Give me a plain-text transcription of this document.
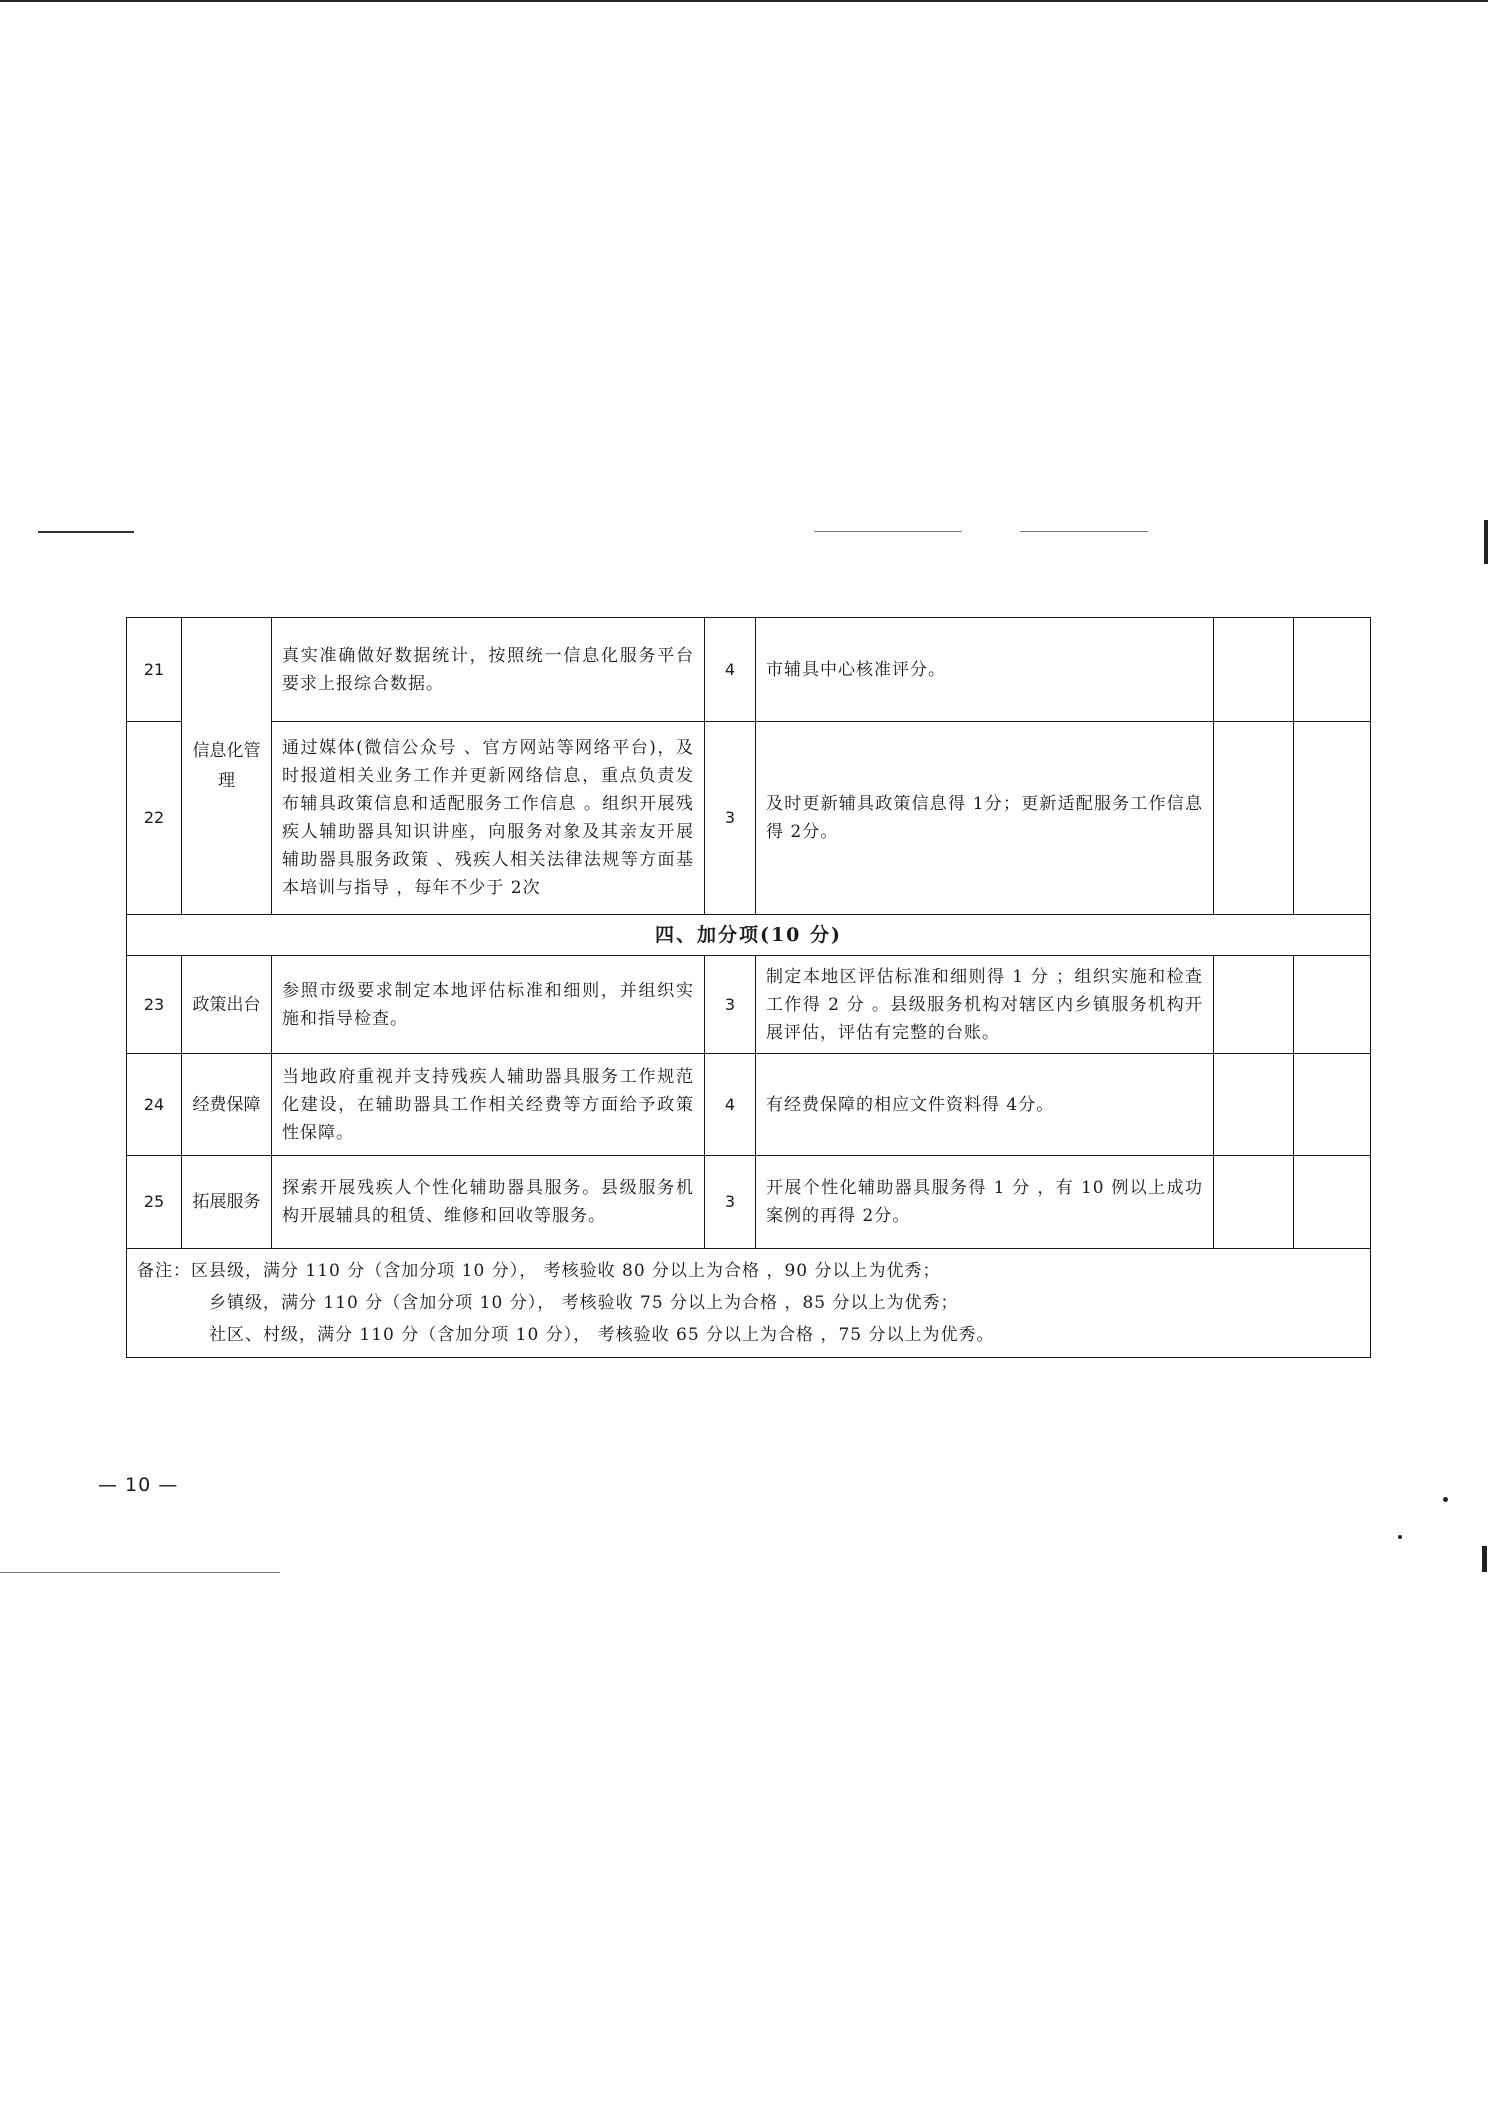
21	信息化管理	真实准确做好数据统计，按照统一信息化服务平台要求上报综合数据。	4	市辅具中心核准评分。		
22		通过媒体(微信公众号 、官方网站等网络平台)，及时报道相关业务工作并更新网络信息，重点负责发布辅具政策信息和适配服务工作信息 。组织开展残疾人辅助器具知识讲座，向服务对象及其亲友开展辅助器具服务政策 、残疾人相关法律法规等方面基本培训与指导 ，每年不少于 2次	3	及时更新辅具政策信息得 1分；更新适配服务工作信息得 2分。		
四、加分项(10 分)						
23	政策出台	参照市级要求制定本地评估标准和细则，并组织实施和指导检查。	3	制定本地区评估标准和细则得 1 分 ；组织实施和检查工作得 2 分 。县级服务机构对辖区内乡镇服务机构开展评估，评估有完整的台账。		
24	经费保障	当地政府重视并支持残疾人辅助器具服务工作规范化建设，在辅助器具工作相关经费等方面给予政策性保障。	4	有经费保障的相应文件资料得 4分。		
25	拓展服务	探索开展残疾人个性化辅助器具服务。县级服务机构开展辅具的租赁、维修和回收等服务。	3	开展个性化辅助器具服务得 1 分 ，有 10 例以上成功案例的再得 2分。		

备注：区县级，满分 110 分（含加分项 10 分）， 考核验收 80 分以上为合格 ，90 分以上为优秀；
乡镇级，满分 110 分（含加分项 10 分）， 考核验收 75 分以上为合格 ，85 分以上为优秀；
社区、村级，满分 110 分（含加分项 10 分）， 考核验收 65 分以上为合格 ，75 分以上为优秀。						
— 10 —
